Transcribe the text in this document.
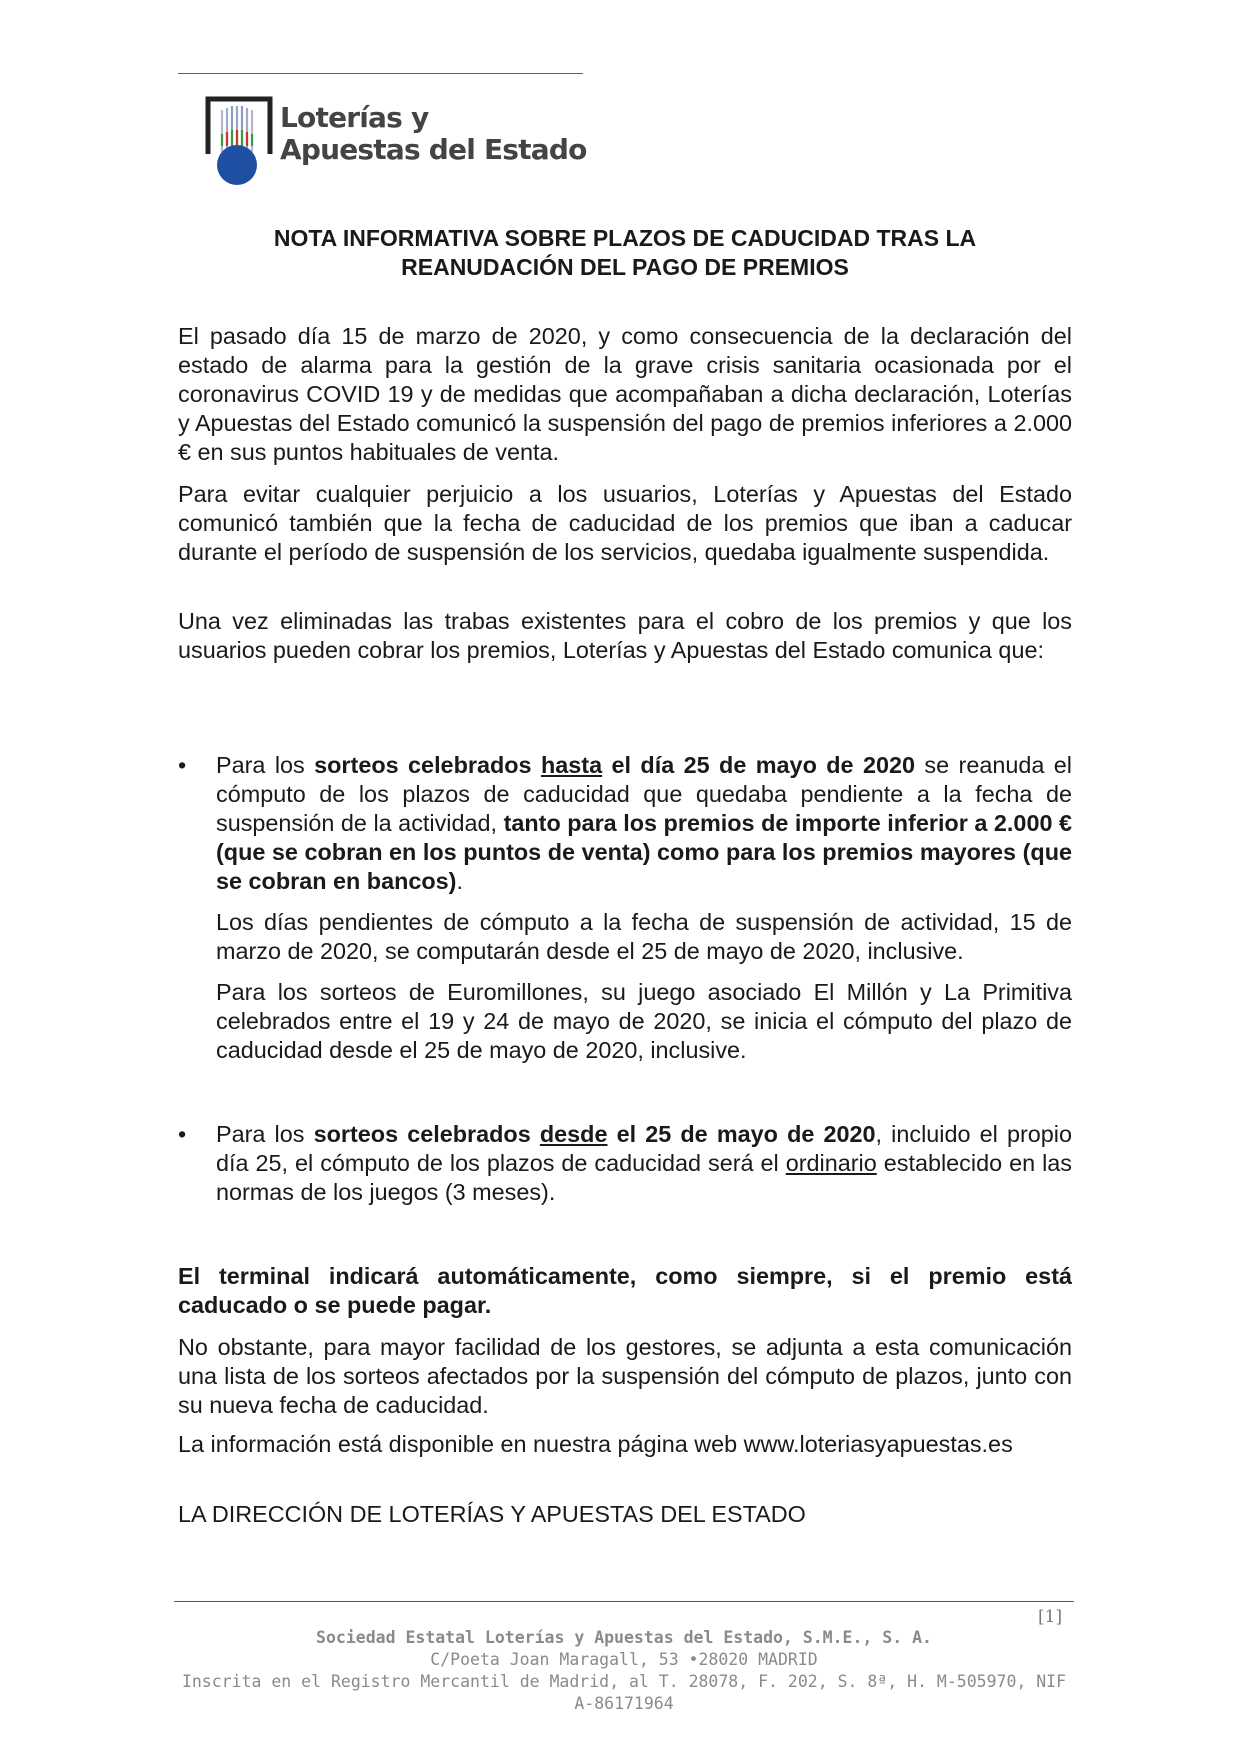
Loterías y
Apuestas del Estado
NOTA INFORMATIVA SOBRE PLAZOS DE CADUCIDAD TRAS LA
REANUDACIÓN DEL PAGO DE PREMIOS

El pasado día 15 de marzo de 2020, y como consecuencia de la declaración del estado de alarma para la gestión de la grave crisis sanitaria ocasionada por el coronavirus COVID 19 y de medidas que acompañaban a dicha declaración, Loterías y Apuestas del Estado comunicó la suspensión del pago de premios inferiores a 2.000 € en sus puntos habituales de venta.

Para evitar cualquier perjuicio a los usuarios, Loterías y Apuestas del Estado comunicó también que la fecha de caducidad de los premios que iban a caducar durante el período de suspensión de los servicios, quedaba igualmente suspendida.

Una vez eliminadas las trabas existentes para el cobro de los premios y que los usuarios pueden cobrar los premios, Loterías y Apuestas del Estado comunica que:

•	Para los sorteos celebrados hasta el día 25 de mayo de 2020 se reanuda el cómputo de los plazos de caducidad que quedaba pendiente a la fecha de suspensión de la actividad, tanto para los premios de importe inferior a 2.000 € (que se cobran en los puntos de venta) como para los premios mayores (que se cobran en bancos).

Los días pendientes de cómputo a la fecha de suspensión de actividad, 15 de marzo de 2020, se computarán desde el 25 de mayo de 2020, inclusive.

Para los sorteos de Euromillones, su juego asociado El Millón y La Primitiva celebrados entre el 19 y 24 de mayo de 2020, se inicia el cómputo del plazo de caducidad desde el 25 de mayo de 2020, inclusive.

•	Para los sorteos celebrados desde el 25 de mayo de 2020, incluido el propio día 25, el cómputo de los plazos de caducidad será el ordinario establecido en las normas de los juegos (3 meses).

El terminal indicará automáticamente, como siempre, si el premio está caducado o se puede pagar.

No obstante, para mayor facilidad de los gestores, se adjunta a esta comunicación una lista de los sorteos afectados por la suspensión del cómputo de plazos, junto con su nueva fecha de caducidad.

La información está disponible en nuestra página web www.loteriasyapuestas.es

LA DIRECCIÓN DE LOTERÍAS Y APUESTAS DEL ESTADO
[1]
Sociedad Estatal Loterías y Apuestas del Estado, S.M.E., S. A.
C/Poeta Joan Maragall, 53 •28020 MADRID
Inscrita en el Registro Mercantil de Madrid, al T. 28078, F. 202, S. 8ª, H. M-505970, NIF A-86171964
